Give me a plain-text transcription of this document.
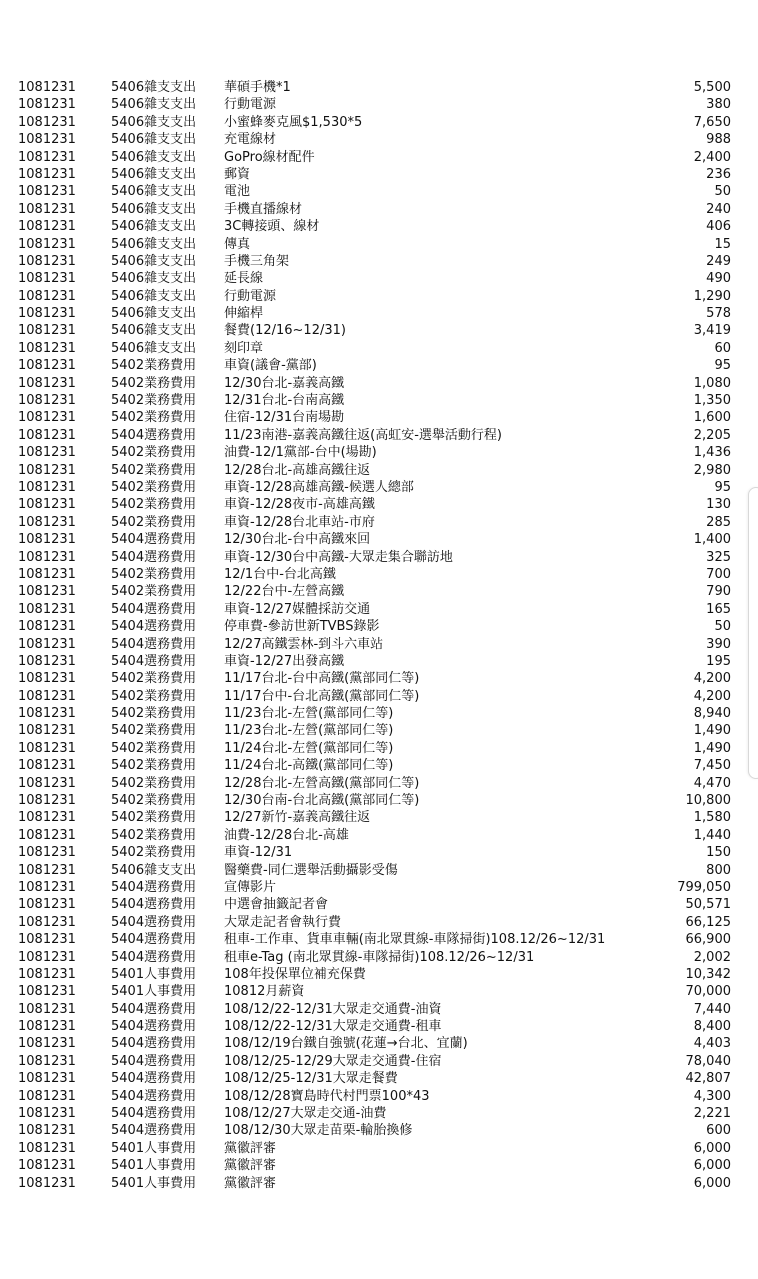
1081231	5406雜支支出 華碩手機*1	5,500
1081231	5406雜支支出 行動電源	380
1081231	5406雜支支出 小蜜蜂麥克風$1,530*5	7,650
1081231	5406雜支支出 充電線材	988
1081231	5406雜支支出 GoPro線材配件	2,400
1081231	5406雜支支出 郵資	236
1081231	5406雜支支出 電池	50
1081231	5406雜支支出 手機直播線材	240
1081231	5406雜支支出 3C轉接頭、線材	406
1081231	5406雜支支出 傳真	15
1081231	5406雜支支出 手機三角架	249
1081231	5406雜支支出 延長線	490
1081231	5406雜支支出 行動電源	1,290
1081231	5406雜支支出 伸縮桿	578
1081231	5406雜支支出 餐費(12/16~12/31)	3,419
1081231	5406雜支支出 刻印章	60
1081231	5402業務費用 車資(議會-黨部)	95
1081231	5402業務費用 12/30台北-嘉義高鐵	1,080
1081231	5402業務費用 12/31台北-台南高鐵	1,350
1081231	5402業務費用 住宿-12/31台南場勘	1,600
1081231	5404選務費用 11/23南港-嘉義高鐵往返(高虹安-選舉活動行程)	2,205
1081231	5402業務費用 油費-12/1黨部-台中(場勘)	1,436
1081231	5402業務費用 12/28台北-高雄高鐵往返	2,980
1081231	5402業務費用 車資-12/28高雄高鐵-候選人總部	95
1081231	5402業務費用 車資-12/28夜市-高雄高鐵	130
1081231	5402業務費用 車資-12/28台北車站-市府	285
1081231	5404選務費用 12/30台北-台中高鐵來回	1,400
1081231	5404選務費用 車資-12/30台中高鐵-大眾走集合聯訪地	325
1081231	5402業務費用 12/1台中-台北高鐵	700
1081231	5402業務費用 12/22台中-左營高鐵	790
1081231	5404選務費用 車資-12/27媒體採訪交通	165
1081231	5404選務費用 停車費-參訪世新TVBS錄影	50
1081231	5404選務費用 12/27高鐵雲林-到斗六車站	390
1081231	5404選務費用 車資-12/27出發高鐵	195
1081231	5402業務費用 11/17台北-台中高鐵(黨部同仁等)	4,200
1081231	5402業務費用 11/17台中-台北高鐵(黨部同仁等)	4,200
1081231	5402業務費用 11/23台北-左營(黨部同仁等)	8,940
1081231	5402業務費用 11/23台北-左營(黨部同仁等)	1,490
1081231	5402業務費用 11/24台北-左營(黨部同仁等)	1,490
1081231	5402業務費用 11/24台北-高鐵(黨部同仁等)	7,450
1081231	5402業務費用 12/28台北-左營高鐵(黨部同仁等)	4,470
1081231	5402業務費用 12/30台南-台北高鐵(黨部同仁等)	10,800
1081231	5402業務費用 12/27新竹-嘉義高鐵往返	1,580
1081231	5402業務費用 油費-12/28台北-高雄	1,440
1081231	5402業務費用 車資-12/31	150
1081231	5406雜支支出 醫藥費-同仁選舉活動攝影受傷	800
1081231	5404選務費用 宣傳影片	799,050
1081231	5404選務費用 中選會抽籤記者會	50,571
1081231	5404選務費用 大眾走記者會執行費	66,125
1081231	5404選務費用 租車-工作車、貨車車輛(南北眾貫線-車隊掃街)108.12/26~12/31	66,900
1081231	5404選務費用 租車e-Tag (南北眾貫線-車隊掃街)108.12/26~12/31	2,002
1081231	5401人事費用 108年投保單位補充保費	10,342
1081231	5401人事費用 10812月薪資	70,000
1081231	5404選務費用 108/12/22-12/31大眾走交通費-油資	7,440
1081231	5404選務費用 108/12/22-12/31大眾走交通費-租車	8,400
1081231	5404選務費用 108/12/19台鐵自強號(花蓮→台北、宜蘭)	4,403
1081231	5404選務費用 108/12/25-12/29大眾走交通費-住宿	78,040
1081231	5404選務費用 108/12/25-12/31大眾走餐費	42,807
1081231	5404選務費用 108/12/28寶島時代村門票100*43	4,300
1081231	5404選務費用 108/12/27大眾走交通-油費	2,221
1081231	5404選務費用 108/12/30大眾走苗栗-輪胎換修	600
1081231	5401人事費用 黨徽評審	6,000
1081231	5401人事費用 黨徽評審	6,000
1081231	5401人事費用 黨徽評審	6,000
